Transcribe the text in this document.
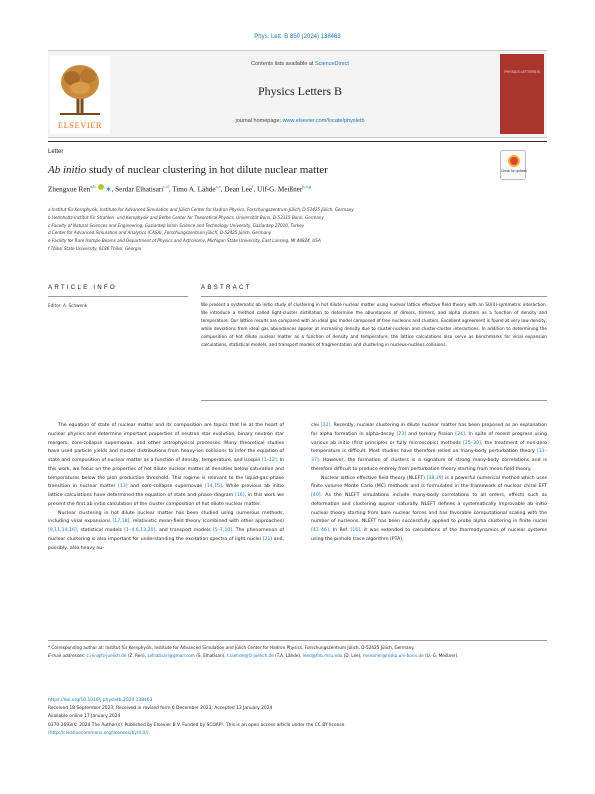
Phys. Lett. B 850 (2024) 138463
ELSEVIER
Contents lists available at ScienceDirect
Physics Letters B
journal homepage: www.elsevier.com/locate/physletb
PHYSICS LETTERS B
Letter
Ab initio study of nuclear clustering in hot dilute nuclear matter	Check for updates
Zhengxue Ren$^{a,b,}$ ,∗, Serdar Elhatisari$^{c,d}$, Timo A. Lähde$^{a,e}$, Dean Lee$^f$, Ulf-G. Meißner$^{b,a,g}$
a Institut für Kernphysik, Institute for Advanced Simulation and Jülich Center for Hadron Physics, Forschungszentrum Jülich, D-52425 Jülich, Germany
b Helmholtz-Institut für Strahlen- und Kernphysik and Bethe Center for Theoretical Physics, Universität Bonn, D-53115 Bonn, Germany
c Faculty of Natural Sciences and Engineering, Gaziantep Islam Science and Technology University, Gaziantep 27010, Turkey
d Center for Advanced Simulation and Analytics (CASA), Forschungszentrum Jülich, D-52425 Jülich, Germany
e Facility for Rare Isotope Beams and Department of Physics and Astronomy, Michigan State University, East Lansing, MI 48824, USA
f Tbilisi State University, 0186 Tbilisi, Georgia
ARTICLE INFO	ABSTRACT
Editor: A. Schwenk	We present a systematic ab initio study of clustering in hot dilute nuclear matter using nuclear lattice effective field theory with an SU(4)-symmetric interaction. We introduce a method called light-cluster distillation to determine the abundances of dimers, trimers, and alpha clusters as a function of density and temperature. Our lattice results are compared with an ideal gas model composed of free nucleons and clusters. Excellent agreement is found at very low density, while deviations from ideal gas abundances appear at increasing density due to cluster-nucleon and cluster-cluster interactions. In addition to determining the composition of hot dilute nuclear matter as a function of density and temperature, the lattice calculations also serve as benchmarks for virial expansion calculations, statistical models, and transport models of fragmentation and clustering in nucleus-nucleus collisions.

The equation of state of nuclear matter and its composition are topics that lie at the heart of nuclear physics and determine important properties of neutron star evolution, binary neutron star mergers, core-collapse supernovae, and other astrophysical processes. Many theoretical studies have used particle yields and cluster distributions from heavy-ion collisions to infer the equation of state and composition of nuclear matter as a function of density, temperature, and isospin [1–12]. In this work, we focus on the properties of hot dilute nuclear matter at densities below saturation and temperatures below the pion production threshold. This regime is relevant to the liquid-gas phase transition in nuclear matter [13] and core-collapse supernovae [14,15]. While previous ab initio lattice calculations have determined the equation of state and phase diagram [16], in this work we present the first ab initio calculation of the cluster composition of hot dilute nuclear matter.

Nuclear clustering in hot dilute nuclear matter has been studied using numerous methods, including virial expansions [17,18], relativistic mean-field theory (combined with other approaches) [9,11,19,16], statistical models [1–4,6,13,20], and transport models [5–7,10]. The phenomenon of nuclear clustering is also important for understanding the excitation spectra of light nuclei [21] and, possibly, also heavy nu-

clei [22]. Recently, nuclear clustering in dilute nuclear matter has been proposed as an explanation for alpha formation in alpha-decay [23] and ternary fission [24]. In spite of recent progress using various ab initio (first principles or fully microscopic) methods [25–30], the treatment of non-zero temperature is difficult. Most studies have therefore relied on many-body perturbation theory [31–37]. However, the formation of clusters is a signature of strong many-body correlations and is therefore difficult to produce entirely from perturbation theory starting from mean field theory.

Nuclear lattice effective field theory (NLEFT) [38,39] is a powerful numerical method which uses finite volume Monte Carlo (MC) methods and is formulated in the framework of nuclear chiral EFT [40]. As the NLEFT simulations include many-body correlations to all orders, effects such as deformation and clustering appear naturally. NLEFT defines a systematically improvable ab initio nuclear theory starting from bare nuclear forces and has favorable computational scaling with the number of nucleons. NLEFT has been successfully applied to probe alpha clustering in finite nuclei [41–46]. In Ref. [16], it was extended to calculations of the thermodynamics of nuclear systems using the pinhole trace algorithm (PTA).

* Corresponding author at: Institut für Kernphysik, Institute for Advanced Simulation and Jülich Center for Hadron Physics, Forschungszentrum Jülich, D-52425 Jülich, Germany.
E-mail addresses: z.ren@fz-juelich.de (Z. Ren), selhatisari@gmail.com (S. Elhatisari), t.laehde@fz-juelich.de (T.A. Lähde), leed@frib.msu.edu (D. Lee), meissner@hiskp.uni-bonn.de (U.-G. Meißner).
https://doi.org/10.1016/j.physletb.2024.138463
Received 18 September 2023; Received in revised form 6 December 2023; Accepted 13 January 2024
Available online 17 January 2024
0370-2693/© 2024 The Author(s). Published by Elsevier B.V. Funded by SCOAP³. This is an open access article under the CC BY license
(http://creativecommons.org/licenses/by/4.0/).
